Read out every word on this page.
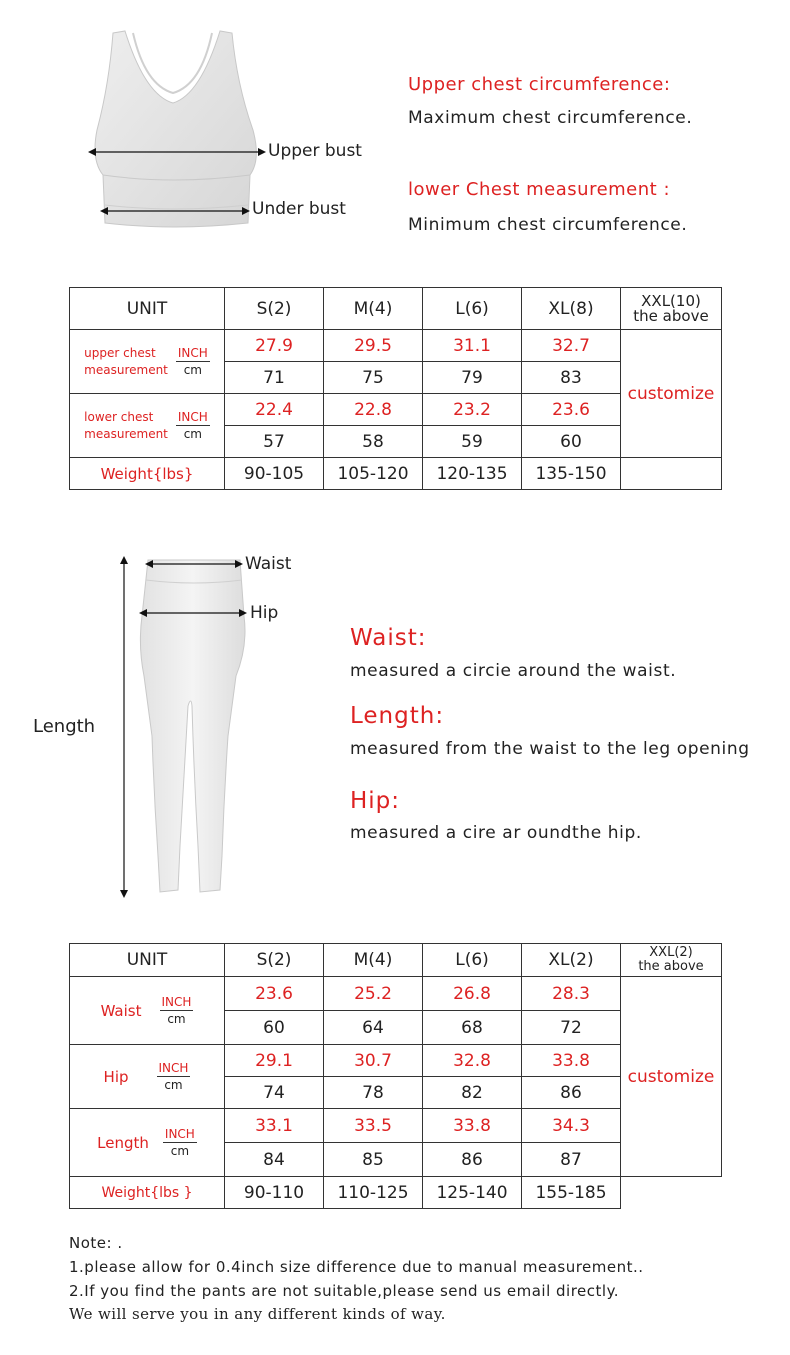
Upper bust
Under bust
Upper chest circumference:
Maximum chest circumference.
lower Chest measurement :
Minimum chest circumference.
UNIT	S(2)	M(4)	L(6)	XL(8)	XXL(10)
the above

upper chest
measurement $\frac{\text{INCH}}{cm}$	27.9	29.5	31.1	32.7	customize
	71	75	79	83	

lower chest
measurement $\frac{\text{INCH}}{cm}$	22.4	22.8	23.2	23.6	
	57	58	59	60	
Weight{lbs}	90-105	105-120	120-135	135-150	
Waist
Hip
Length
Waist:
measured a circie around the waist.
Length:
measured from the waist to the leg opening
Hip:
measured a cire ar oundthe hip.
UNIT	S(2)	M(4)	L(6)	XL(2)	XXL(2)
the above

Waist $\frac{\text{INCH}}{cm}$	23.6	25.2	26.8	28.3	customize
	60	64	68	72	

Hip $\frac{\text{INCH}}{cm}$	29.1	30.7	32.8	33.8	
	74	78	82	86	

Length $\frac{\text{INCH}}{cm}$	33.1	33.5	33.8	34.3	
	84	85	86	87	
Weight{lbs }	90-110	110-125	125-140	155-185	
Note: .
1.please allow for 0.4inch size difference due to manual measurement..
2.If you find the pants are not suitable,please send us email directly.
We will serve you in any different kinds of way.
